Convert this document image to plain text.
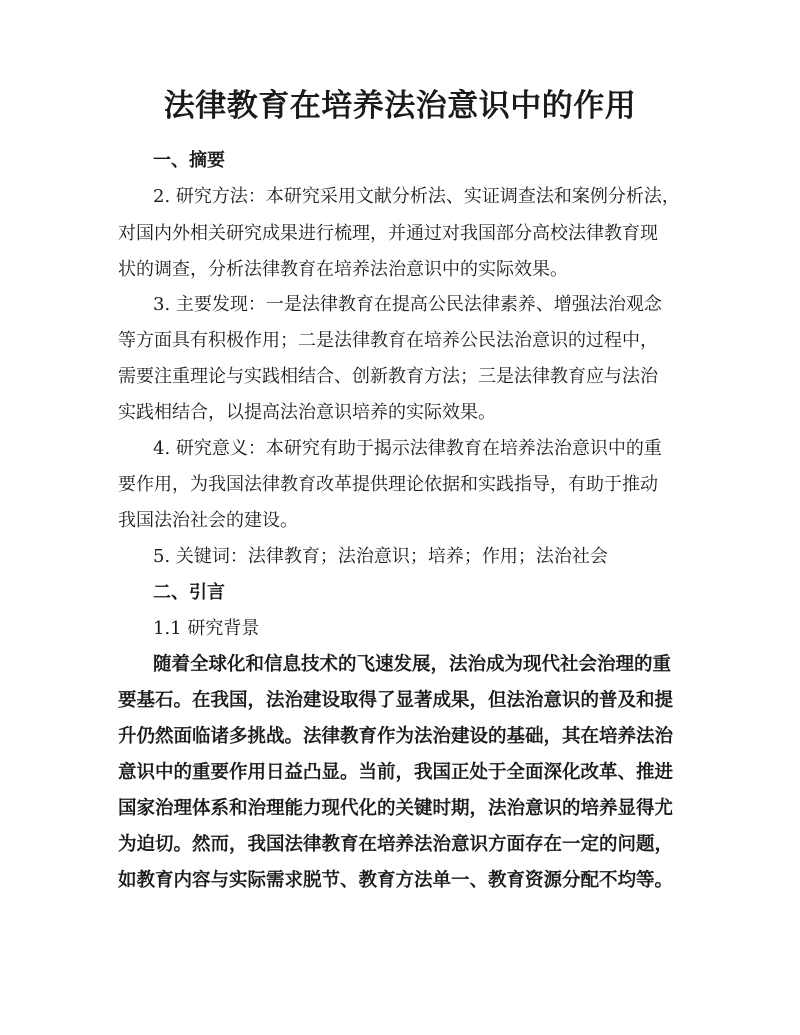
法律教育在培养法治意识中的作用

一、摘要

2. 研究方法：本研究采用文献分析法、实证调查法和案例分析法，

对国内外相关研究成果进行梳理，并通过对我国部分高校法律教育现

状的调查，分析法律教育在培养法治意识中的实际效果。

3. 主要发现：一是法律教育在提高公民法律素养、增强法治观念

等方面具有积极作用；二是法律教育在培养公民法治意识的过程中，

需要注重理论与实践相结合、创新教育方法；三是法律教育应与法治

实践相结合，以提高法治意识培养的实际效果。

4. 研究意义：本研究有助于揭示法律教育在培养法治意识中的重

要作用，为我国法律教育改革提供理论依据和实践指导，有助于推动

我国法治社会的建设。

5. 关键词：法律教育；法治意识；培养；作用；法治社会

二、引言

1.1 研究背景

随着全球化和信息技术的飞速发展，法治成为现代社会治理的重

要基石。在我国，法治建设取得了显著成果，但法治意识的普及和提

升仍然面临诸多挑战。法律教育作为法治建设的基础，其在培养法治

意识中的重要作用日益凸显。当前，我国正处于全面深化改革、推进

国家治理体系和治理能力现代化的关键时期，法治意识的培养显得尤

为迫切。然而，我国法律教育在培养法治意识方面存在一定的问题，

如教育内容与实际需求脱节、教育方法单一、教育资源分配不均等。
